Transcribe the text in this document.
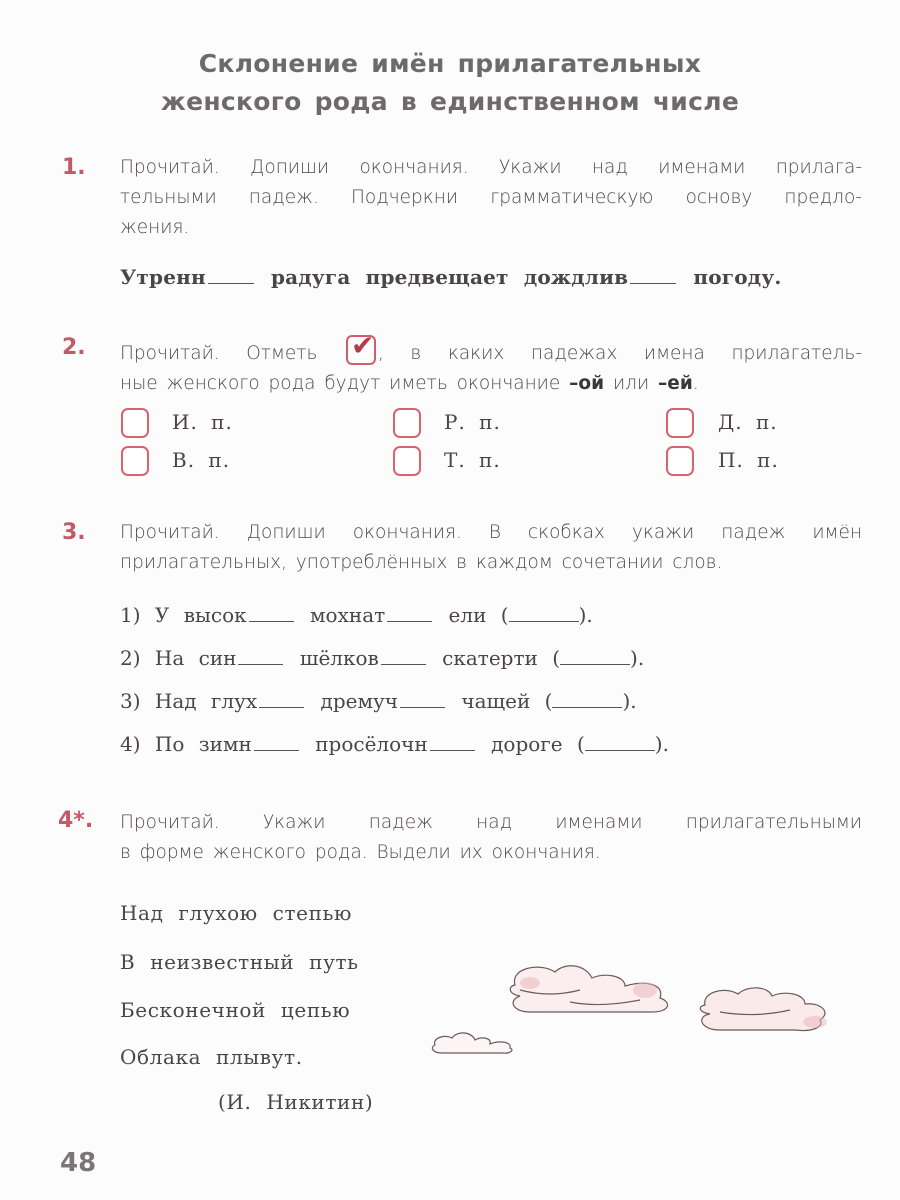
Склонение имён прилагательных
женского рода в единственном числе
1. Прочитай. Допиши окончания. Укажи над именами прилага-
тельными падеж. Подчеркни грамматическую основу предло-
жения.
Утренн	радуга предвещает дождлив	погоду.
2. Прочитай. Отметь ✔ , в каких падежах имена прилагатель-
ные женского рода будут иметь окончание –ой или –ей.
И. п.	Р. п.	Д. п.
В. п.	Т. п.	П. п.
3. Прочитай. Допиши окончания. В скобках укажи падеж имён
прилагательных, употреблённых в каждом сочетании слов.
1) У высок	мохнат	ели (	).
2) На син	шёлков	скатерти (	).
3) Над глух	дремуч	чащей (	).
4) По зимн	просёлочн	дороге (	).
4*. Прочитай. Укажи падеж над именами прилагательными
в форме женского рода. Выдели их окончания.
Над глухою степью
В неизвестный путь
Бесконечной цепью
Облака плывут.
(И. Никитин)
48
